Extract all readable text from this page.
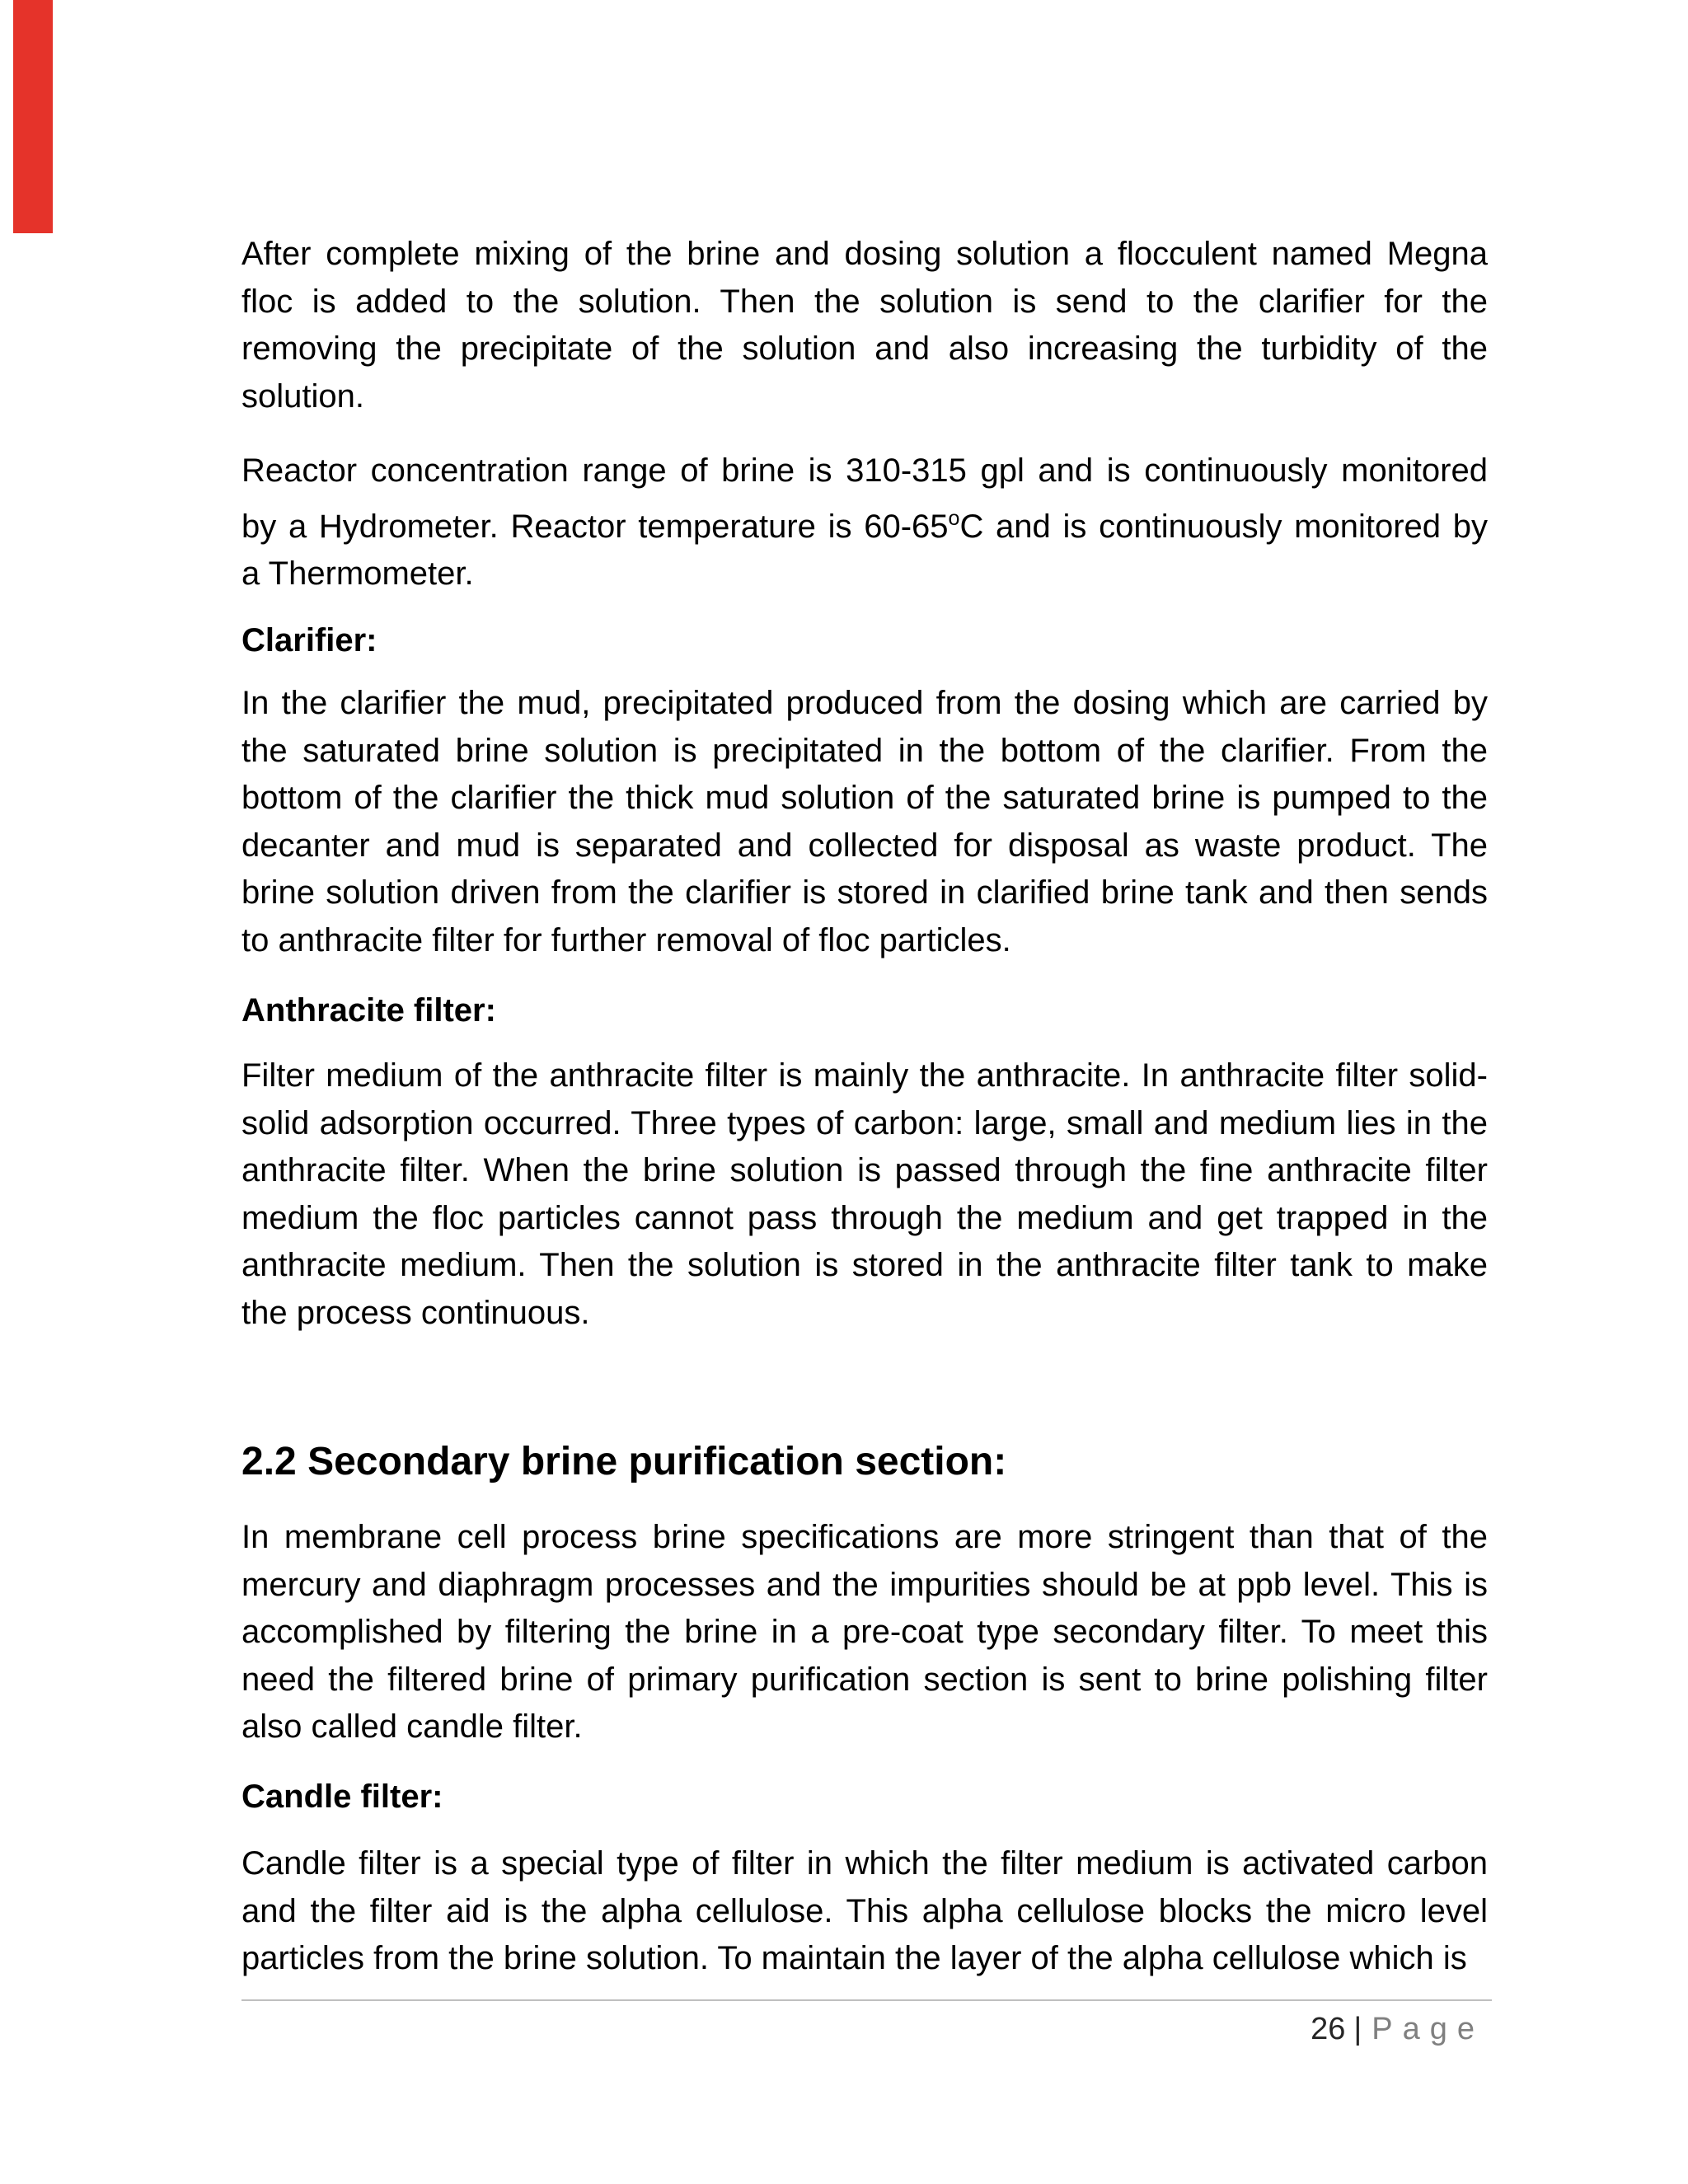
After complete mixing of the brine and dosing solution a flocculent named Megna
floc is added to the solution. Then the solution is send to the clarifier for the
removing the precipitate of the solution and also increasing the turbidity of the
solution.
Reactor concentration range of brine is 310-315 gpl and is continuously monitored
by a Hydrometer. Reactor temperature is 60-65$^o$C and is continuously monitored by
a Thermometer.
Clarifier:
In the clarifier the mud, precipitated produced from the dosing which are carried by
the saturated brine solution is precipitated in the bottom of the clarifier. From the
bottom of the clarifier the thick mud solution of the saturated brine is pumped to the
decanter and mud is separated and collected for disposal as waste product. The
brine solution driven from the clarifier is stored in clarified brine tank and then sends
to anthracite filter for further removal of floc particles.
Anthracite filter:
Filter medium of the anthracite filter is mainly the anthracite. In anthracite filter solid-
solid adsorption occurred. Three types of carbon: large, small and medium lies in the
anthracite filter. When the brine solution is passed through the fine anthracite filter
medium the floc particles cannot pass through the medium and get trapped in the
anthracite medium. Then the solution is stored in the anthracite filter tank to make
the process continuous.
2.2 Secondary brine purification section:
In membrane cell process brine specifications are more stringent than that of the
mercury and diaphragm processes and the impurities should be at ppb level. This is
accomplished by filtering the brine in a pre-coat type secondary filter. To meet this
need the filtered brine of primary purification section is sent to brine polishing filter
also called candle filter.
Candle filter:
Candle filter is a special type of filter in which the filter medium is activated carbon
and the filter aid is the alpha cellulose. This alpha cellulose blocks the micro level
particles from the brine solution. To maintain the layer of the alpha cellulose which is
26 | Page
